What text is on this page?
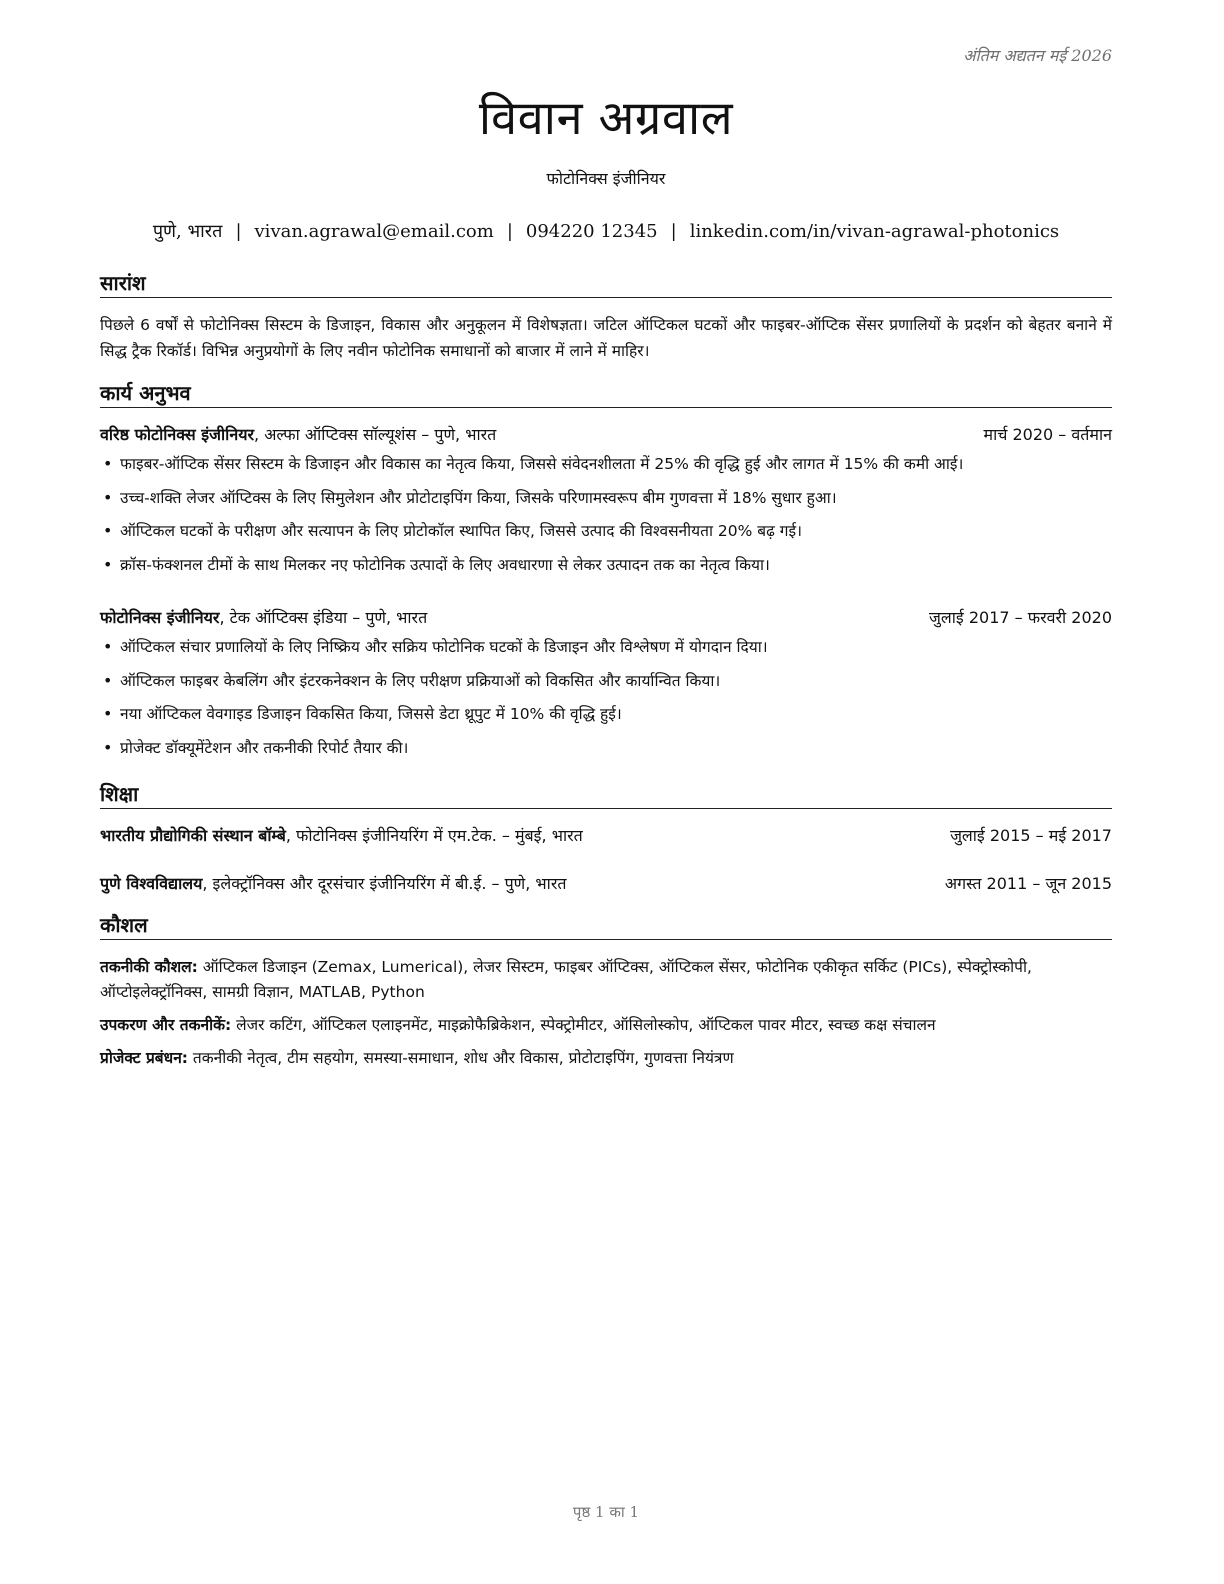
अंतिम अद्यतन मई 2026
विवान अग्रवाल
फोटोनिक्स इंजीनियर
पुणे, भारत | vivan.agrawal@email.com | 094220 12345 | linkedin.com/in/vivan-agrawal-photonics
सारांश
पिछले 6 वर्षों से फोटोनिक्स सिस्टम के डिजाइन, विकास और अनुकूलन में विशेषज्ञता। जटिल ऑप्टिकल घटकों और फाइबर-ऑप्टिक सेंसर प्रणालियों के प्रदर्शन को बेहतर बनाने में सिद्ध ट्रैक रिकॉर्ड। विभिन्न अनुप्रयोगों के लिए नवीन फोटोनिक समाधानों को बाजार में लाने में माहिर।
कार्य अनुभव
वरिष्ठ फोटोनिक्स इंजीनियर, अल्फा ऑप्टिक्स सॉल्यूशंस – पुणे, भारत	मार्च 2020 – वर्तमान
• फाइबर-ऑप्टिक सेंसर सिस्टम के डिजाइन और विकास का नेतृत्व किया, जिससे संवेदनशीलता में 25% की वृद्धि हुई और लागत में 15% की कमी आई।
• उच्च-शक्ति लेजर ऑप्टिक्स के लिए सिमुलेशन और प्रोटोटाइपिंग किया, जिसके परिणामस्वरूप बीम गुणवत्ता में 18% सुधार हुआ।
• ऑप्टिकल घटकों के परीक्षण और सत्यापन के लिए प्रोटोकॉल स्थापित किए, जिससे उत्पाद की विश्वसनीयता 20% बढ़ गई।
• क्रॉस-फंक्शनल टीमों के साथ मिलकर नए फोटोनिक उत्पादों के लिए अवधारणा से लेकर उत्पादन तक का नेतृत्व किया।
फोटोनिक्स इंजीनियर, टेक ऑप्टिक्स इंडिया – पुणे, भारत	जुलाई 2017 – फरवरी 2020
• ऑप्टिकल संचार प्रणालियों के लिए निष्क्रिय और सक्रिय फोटोनिक घटकों के डिजाइन और विश्लेषण में योगदान दिया।
• ऑप्टिकल फाइबर केबलिंग और इंटरकनेक्शन के लिए परीक्षण प्रक्रियाओं को विकसित और कार्यान्वित किया।
• नया ऑप्टिकल वेवगाइड डिजाइन विकसित किया, जिससे डेटा थ्रूपुट में 10% की वृद्धि हुई।
• प्रोजेक्ट डॉक्यूमेंटेशन और तकनीकी रिपोर्ट तैयार की।
शिक्षा
भारतीय प्रौद्योगिकी संस्थान बॉम्बे, फोटोनिक्स इंजीनियरिंग में एम.टेक. – मुंबई, भारत	जुलाई 2015 – मई 2017
पुणे विश्वविद्यालय, इलेक्ट्रॉनिक्स और दूरसंचार इंजीनियरिंग में बी.ई. – पुणे, भारत	अगस्त 2011 – जून 2015
कौशल
तकनीकी कौशल: ऑप्टिकल डिजाइन (Zemax, Lumerical), लेजर सिस्टम, फाइबर ऑप्टिक्स, ऑप्टिकल सेंसर, फोटोनिक एकीकृत सर्किट (PICs), स्पेक्ट्रोस्कोपी, ऑप्टोइलेक्ट्रॉनिक्स, सामग्री विज्ञान, MATLAB, Python
उपकरण और तकनीकें: लेजर कटिंग, ऑप्टिकल एलाइनमेंट, माइक्रोफैब्रिकेशन, स्पेक्ट्रोमीटर, ऑसिलोस्कोप, ऑप्टिकल पावर मीटर, स्वच्छ कक्ष संचालन
प्रोजेक्ट प्रबंधन: तकनीकी नेतृत्व, टीम सहयोग, समस्या-समाधान, शोध और विकास, प्रोटोटाइपिंग, गुणवत्ता नियंत्रण
पृष्ठ 1 का 1
